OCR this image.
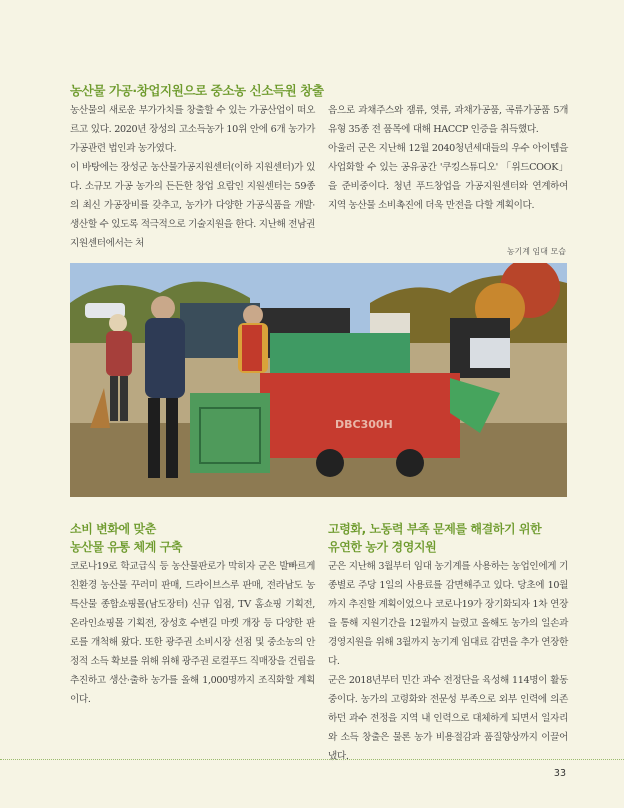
농산물 가공·창업지원으로 중소농 신소득원 창출

농산물의 새로운 부가가치를 창출할 수 있는 가공산업이 떠오르고 있다. 2020년 장성의 고소득농가 10위 안에 6개 농가가 가공관련 법인과 농가였다.

이 바탕에는 장성군 농산물가공지원센터(이하 지원센터)가 있다. 소규모 가공 농가의 든든한 창업 요람인 지원센터는 59종의 최신 가공장비를 갖추고, 농가가 다양한 가공식품을 개발·생산할 수 있도록 적극적으로 기술지원을 한다. 지난해 전남권 지원센터에서는 처

음으로 과채주스와 잼류, 엿류, 과채가공품, 곡류가공품 5개 유형 35종 전 품목에 대해 HACCP 인증을 취득했다.

아울러 군은 지난해 12월 2040청년세대들의 우수 아이템을 사업화할 수 있는 공유공간 '쿠킹스튜디오' 「위드COOK」을 준비중이다. 청년 푸드창업을 가공지원센터와 연계하여 지역 농산물 소비촉진에 더욱 만전을 다할 계획이다.

농기계 임대 모습
DBC300H
소비 변화에 맞춘
농산물 유통 체계 구축
고령화, 노동력 부족 문제를 해결하기 위한
유연한 농가 경영지원

코로나19로 학교급식 등 농산물판로가 막히자 군은 발빠르게 친환경 농산물 꾸러미 판매, 드라이브스루 판매, 전라남도 농특산물 종합쇼핑몰(남도장터) 신규 입점, TV 홈쇼핑 기획전, 온라인쇼핑몰 기획전, 장성호 수변길 마켓 개장 등 다양한 판로를 개척해 왔다. 또한 광주권 소비시장 선점 및 중소농의 안정적 소득 확보를 위해 위해 광주권 로컬푸드 직매장을 건립을 추진하고 생산·출하 농가를 올해 1,000명까지 조직화할 계획이다.

군은 지난해 3월부터 임대 농기계를 사용하는 농업인에게 기종별로 주당 1일의 사용료를 감면해주고 있다. 당초에 10월까지 추진할 계획이었으나 코로나19가 장기화되자 1차 연장을 통해 지원기간을 12월까지 늘렸고 올해도 농가의 일손과 경영지원을 위해 3월까지 농기계 임대료 감면을 추가 연장한다.

군은 2018년부터 민간 과수 전정단을 육성해 114명이 활동 중이다. 농가의 고령화와 전문성 부족으로 외부 인력에 의존하던 과수 전정을 지역 내 인력으로 대체하게 되면서 일자리와 소득 창출은 물론 농가 비용절감과 품질향상까지 이끌어냈다.

33
